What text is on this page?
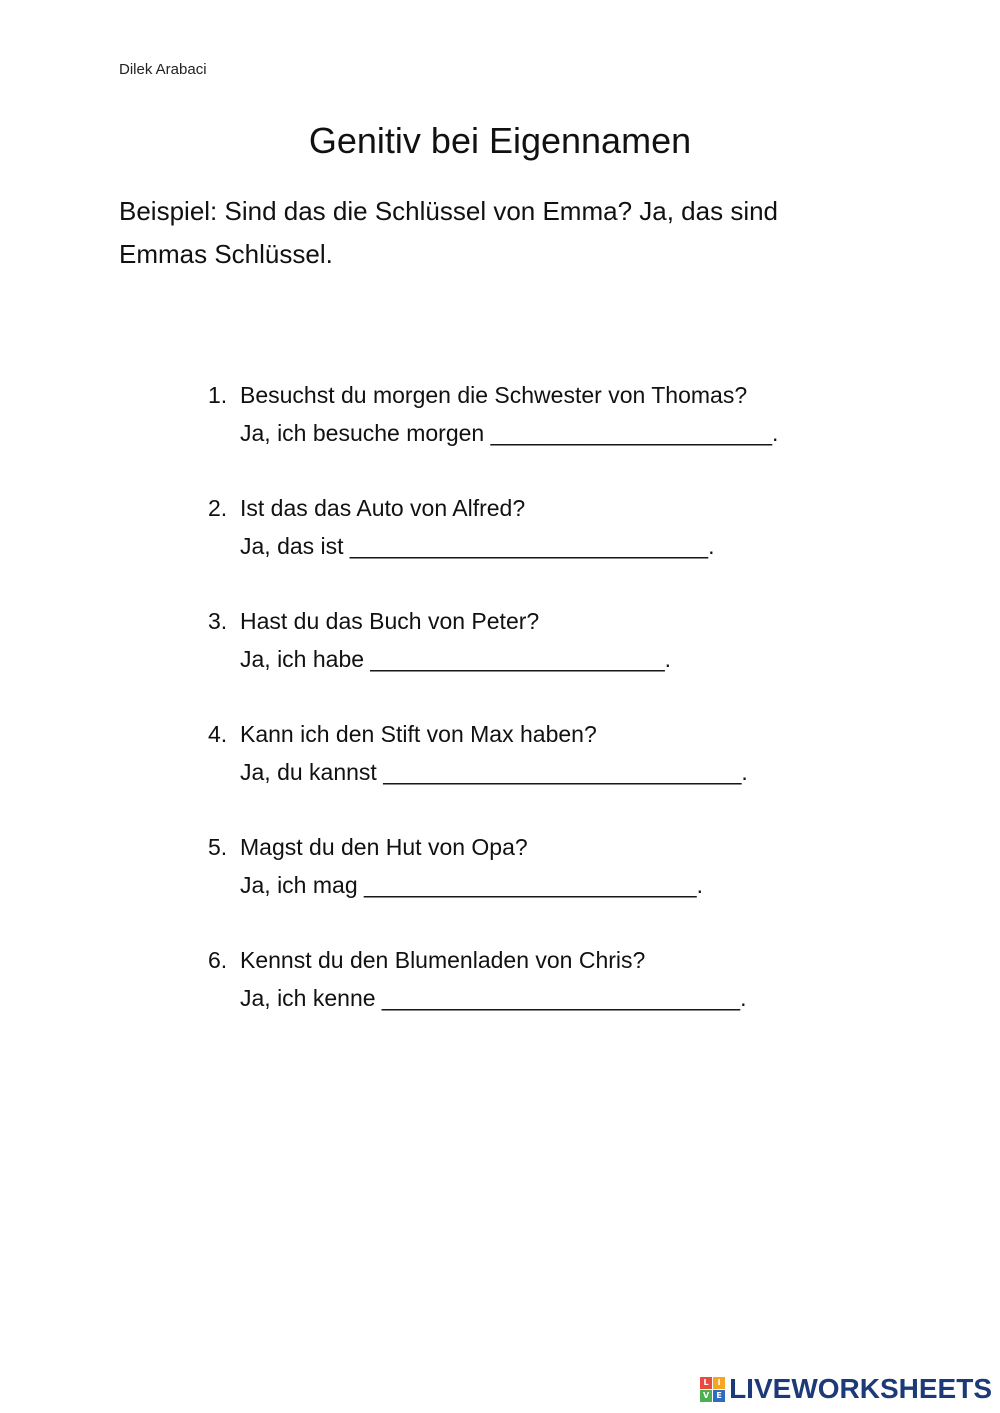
Dilek Arabaci
Genitiv bei Eigennamen
Beispiel: Sind das die Schlüssel von Emma? Ja, das sind Emmas Schlüssel.
1. Besuchst du morgen die Schwester von Thomas?
Ja, ich besuche morgen ______________________.
2. Ist das das Auto von Alfred?
Ja, das ist ____________________________.
3. Hast du das Buch von Peter?
Ja, ich habe _______________________.
4. Kann ich den Stift von Max haben?
Ja, du kannst ____________________________.
5. Magst du den Hut von Opa?
Ja, ich mag __________________________.
6. Kennst du den Blumenladen von Chris?
Ja, ich kenne ____________________________.
L	I
V E LIVEWORKSHEETS
